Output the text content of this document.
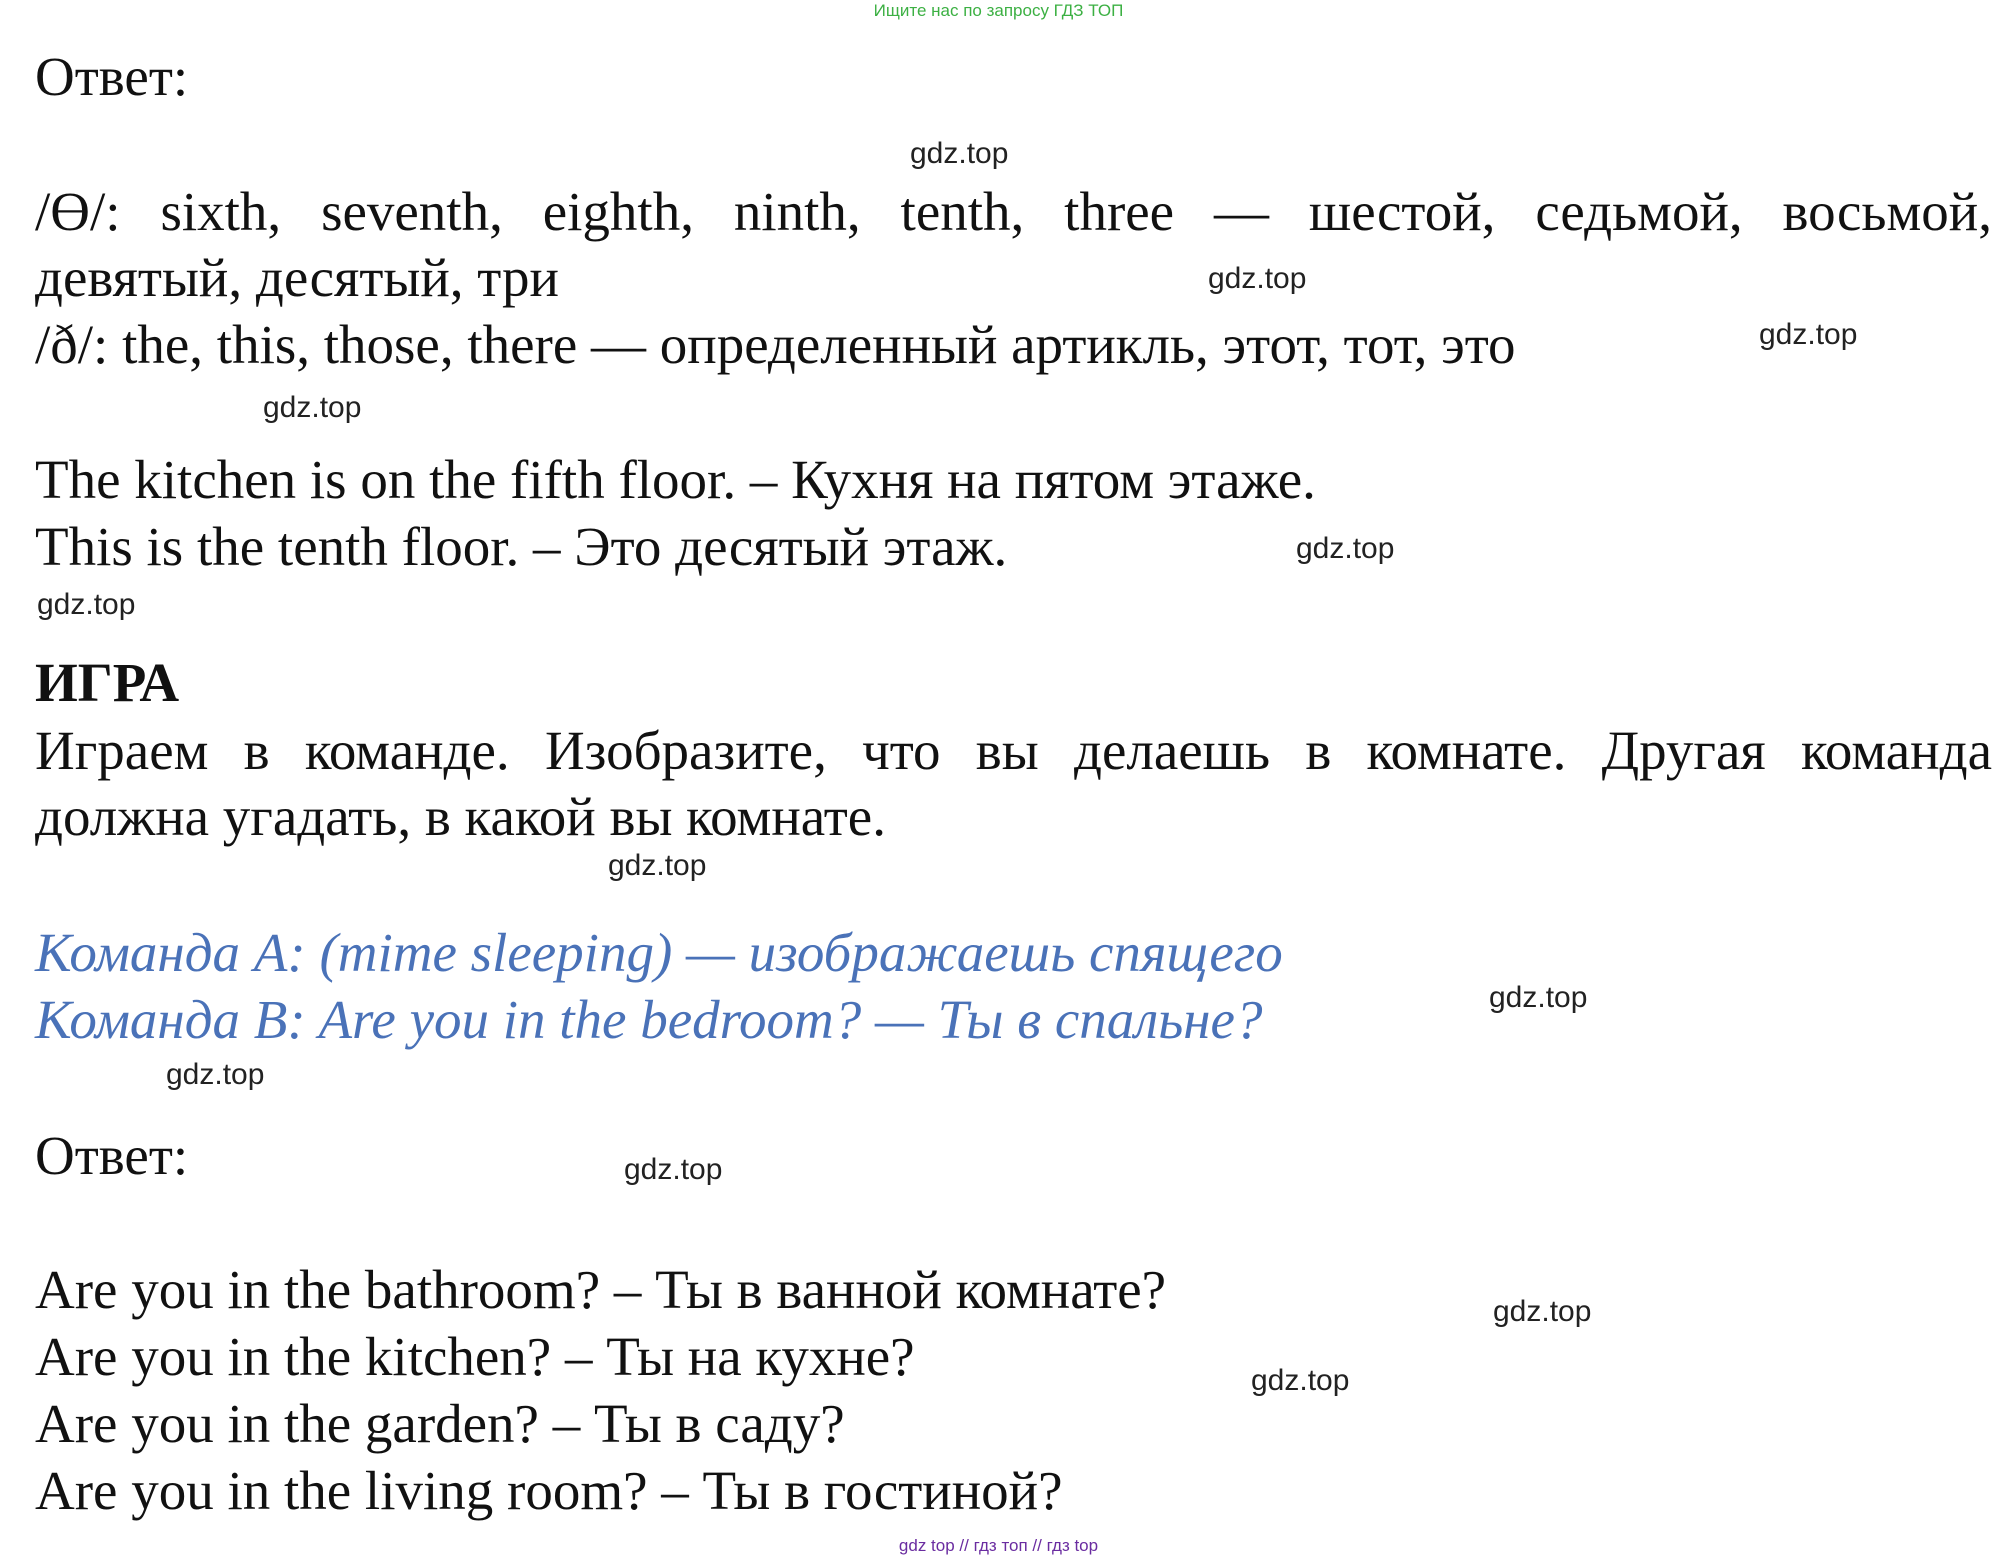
Ищите нас по запросу ГДЗ ТОП
Ответ:
/Ɵ/: sixth, seventh, eighth, ninth, tenth, three — шестой, седьмой, восьмой,
девятый, десятый, три
/ð/: the, this, those, there — определенный артикль, этот, тот, это
The kitchen is on the fifth floor. – Кухня на пятом этаже.
This is the tenth floor. – Это десятый этаж.
ИГРА
Играем в команде. Изобразите, что вы делаешь в комнате. Другая команда
должна угадать, в какой вы комнате.
Команда A: (mime sleeping) — изображаешь спящего
Команда B: Are you in the bedroom? — Ты в спальне?
Ответ:
Are you in the bathroom? – Ты в ванной комнате?
Are you in the kitchen? – Ты на кухне?
Are you in the garden? – Ты в саду?
Are you in the living room? – Ты в гостиной?
gdz.top
gdz.top
gdz.top
gdz.top
gdz.top
gdz.top
gdz.top
gdz.top
gdz.top
gdz.top
gdz.top
gdz.top
gdz top // гдз топ // гдз top
